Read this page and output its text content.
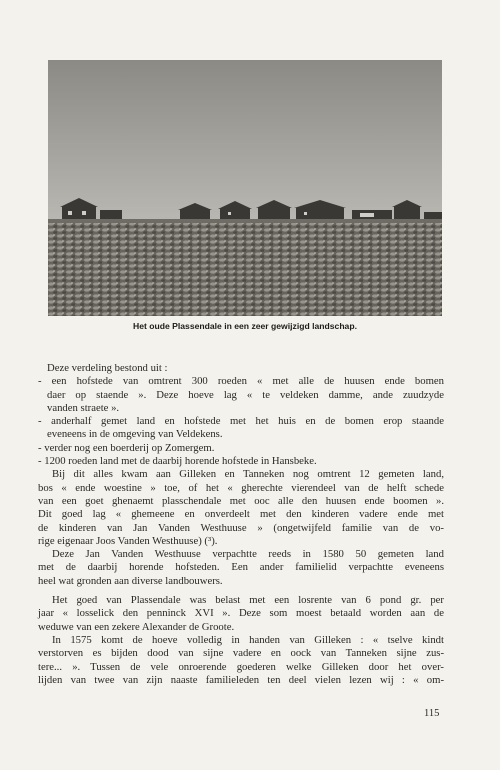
Het oude Plassendale in een zeer gewijzigd landschap.
Deze verdeling bestond uit :
- een hofstede van omtrent 300 roeden « met alle de huusen ende bomen
daer op staende ». Deze hoeve lag « te veldeken damme, ande zuudzyde
vanden straete ».
- anderhalf gemet land en hofstede met het huis en de bomen erop staande
eveneens in de omgeving van Veldekens.
- verder nog een boerderij op Zomergem.
- 1200 roeden land met de daarbij horende hofstede in Hansbeke.
Bij dit alles kwam aan Gilleken en Tanneken nog omtrent 12 gemeten land,
bos « ende woestine » toe, of het « gherechte vierendeel van de helft schede
van een goet ghenaemt plasschendale met ooc alle den huusen ende boomen ».
Dit goed lag « ghemeene en onverdeelt met den kinderen vadere ende met
de kinderen van Jan Vanden Westhuuse » (ongetwijfeld familie van de vo-
rige eigenaar Joos Vanden Westhuuse) (³).
Deze Jan Vanden Westhuuse verpachtte reeds in 1580 50 gemeten land
met de daarbij horende hofsteden. Een ander familielid verpachtte eveneens
heel wat gronden aan diverse landbouwers.
Het goed van Plassendale was belast met een losrente van 6 pond gr. per
jaar « losselick den penninck XVI ». Deze som moest betaald worden aan de
weduwe van een zekere Alexander de Groote.
In 1575 komt de hoeve volledig in handen van Gilleken : « tselve kindt
verstorven es bijden dood van sijne vadere en oock van Tanneken sijne zus-
tere... ». Tussen de vele onroerende goederen welke Gilleken door het over-
lijden van twee van zijn naaste familieleden ten deel vielen lezen wij : « om-
115
